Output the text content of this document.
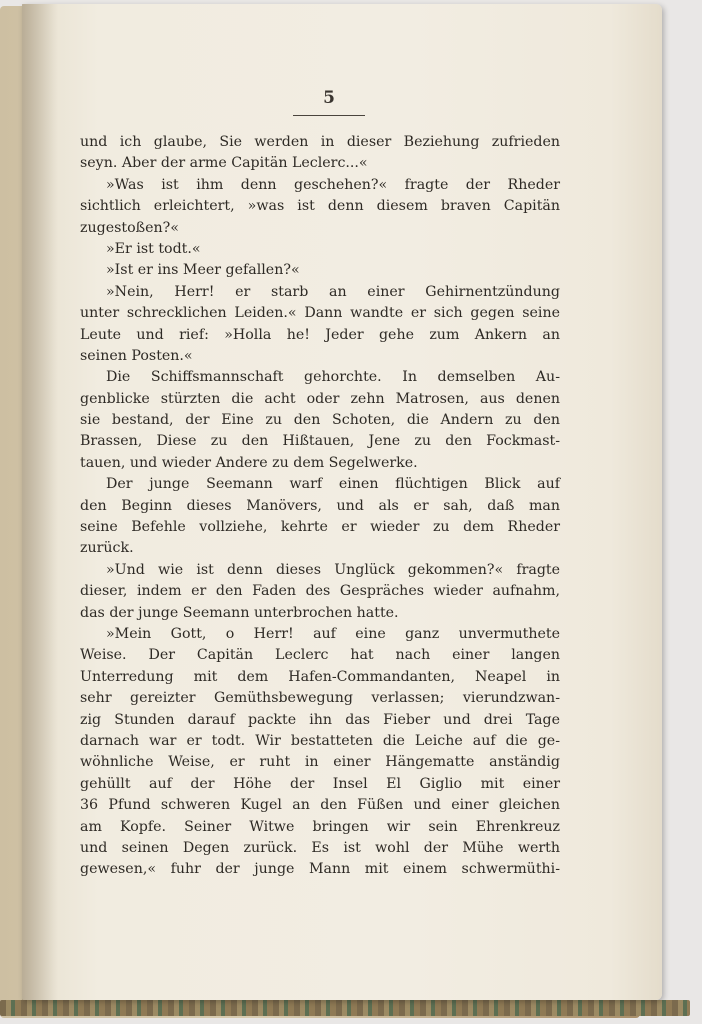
5
und ich glaube, Sie werden in dieser Beziehung zufrieden
seyn. Aber der arme Capitän Leclerc...«
»Was ist ihm denn geschehen?« fragte der Rheder
sichtlich erleichtert, »was ist denn diesem braven Capitän
zugestoßen?«
»Er ist todt.«
»Ist er ins Meer gefallen?«
»Nein, Herr! er starb an einer Gehirnentzündung
unter schrecklichen Leiden.« Dann wandte er sich gegen seine
Leute und rief: »Holla he! Jeder gehe zum Ankern an
seinen Posten.«
Die Schiffsmannschaft gehorchte. In demselben Au-
genblicke stürzten die acht oder zehn Matrosen, aus denen
sie bestand, der Eine zu den Schoten, die Andern zu den
Brassen, Diese zu den Hißtauen, Jene zu den Fockmast-
tauen, und wieder Andere zu dem Segelwerke.
Der junge Seemann warf einen flüchtigen Blick auf
den Beginn dieses Manövers, und als er sah, daß man
seine Befehle vollziehe, kehrte er wieder zu dem Rheder
zurück.
»Und wie ist denn dieses Unglück gekommen?« fragte
dieser, indem er den Faden des Gespräches wieder aufnahm,
das der junge Seemann unterbrochen hatte.
»Mein Gott, o Herr! auf eine ganz unvermuthete
Weise. Der Capitän Leclerc hat nach einer langen
Unterredung mit dem Hafen-Commandanten, Neapel in
sehr gereizter Gemüthsbewegung verlassen; vierundzwan-
zig Stunden darauf packte ihn das Fieber und drei Tage
darnach war er todt. Wir bestatteten die Leiche auf die ge-
wöhnliche Weise, er ruht in einer Hängematte anständig
gehüllt auf der Höhe der Insel El Giglio mit einer
36 Pfund schweren Kugel an den Füßen und einer gleichen
am Kopfe. Seiner Witwe bringen wir sein Ehrenkreuz
und seinen Degen zurück. Es ist wohl der Mühe werth
gewesen,« fuhr der junge Mann mit einem schwermüthi-
